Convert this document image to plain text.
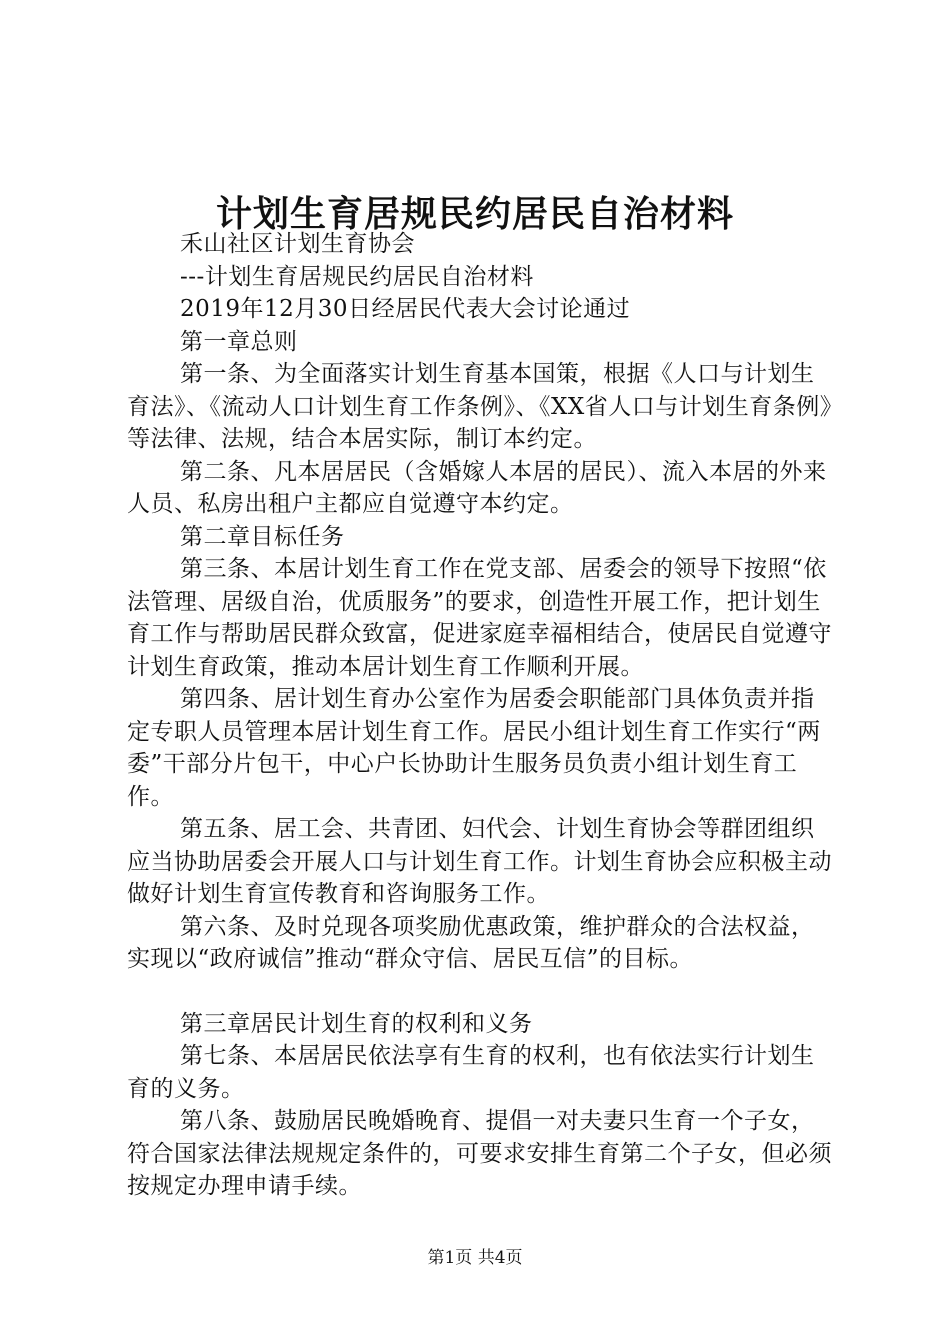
计划生育居规民约居民自治材料

禾山社区计划生育协会

---计划生育居规民约居民自治材料

2019年12月30日经居民代表大会讨论通过

第一章总则

第一条、为全面落实计划生育基本国策，根据《人口与计划生育法》、《流动人口计划生育工作条例》、《XX省人口与计划生育条例》等法律、法规，结合本居实际，制订本约定。

第二条、凡本居居民（含婚嫁人本居的居民）、流入本居的外来人员、私房出租户主都应自觉遵守本约定。

第二章目标任务

第三条、本居计划生育工作在党支部、居委会的领导下按照“依法管理、居级自治，优质服务”的要求，创造性开展工作，把计划生育工作与帮助居民群众致富，促进家庭幸福相结合，使居民自觉遵守计划生育政策，推动本居计划生育工作顺利开展。

第四条、居计划生育办公室作为居委会职能部门具体负责并指定专职人员管理本居计划生育工作。居民小组计划生育工作实行“两委”干部分片包干，中心户长协助计生服务员负责小组计划生育工作。

第五条、居工会、共青团、妇代会、计划生育协会等群团组织应当协助居委会开展人口与计划生育工作。计划生育协会应积极主动做好计划生育宣传教育和咨询服务工作。

第六条、及时兑现各项奖励优惠政策，维护群众的合法权益，实现以“政府诚信”推动“群众守信、居民互信”的目标。

第三章居民计划生育的权利和义务

第七条、本居居民依法享有生育的权利，也有依法实行计划生育的义务。

第八条、鼓励居民晚婚晚育、提倡一对夫妻只生育一个子女，符合国家法律法规规定条件的，可要求安排生育第二个子女，但必须按规定办理申请手续。

第1页 共4页
